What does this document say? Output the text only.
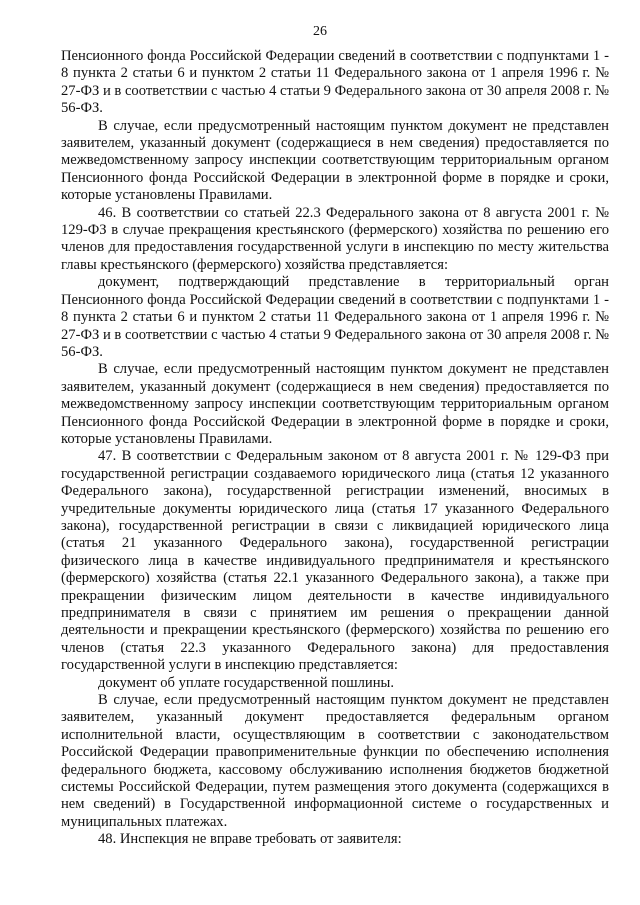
26

Пенсионного фонда Российской Федерации сведений в соответствии с подпунктами 1 - 8 пункта 2 статьи 6 и пунктом 2 статьи 11 Федерального закона от 1 апреля 1996 г. № 27-ФЗ и в соответствии с частью 4 статьи 9 Федерального закона от 30 апреля 2008 г. № 56-ФЗ.

В случае, если предусмотренный настоящим пунктом документ не представлен заявителем, указанный документ (содержащиеся в нем сведения) предоставляется по межведомственному запросу инспекции соответствующим территориальным органом Пенсионного фонда Российской Федерации в электронной форме в порядке и сроки, которые установлены Правилами.

46. В соответствии со статьей 22.3 Федерального закона от 8 августа 2001 г. № 129-ФЗ в случае прекращения крестьянского (фермерского) хозяйства по решению его членов для предоставления государственной услуги в инспекцию по месту жительства главы крестьянского (фермерского) хозяйства представляется:

документ, подтверждающий представление в территориальный орган Пенсионного фонда Российской Федерации сведений в соответствии с подпунктами 1 - 8 пункта 2 статьи 6 и пунктом 2 статьи 11 Федерального закона от 1 апреля 1996 г. № 27-ФЗ и в соответствии с частью 4 статьи 9 Федерального закона от 30 апреля 2008 г. № 56-ФЗ.

В случае, если предусмотренный настоящим пунктом документ не представлен заявителем, указанный документ (содержащиеся в нем сведения) предоставляется по межведомственному запросу инспекции соответствующим территориальным органом Пенсионного фонда Российской Федерации в электронной форме в порядке и сроки, которые установлены Правилами.

47. В соответствии с Федеральным законом от 8 августа 2001 г. № 129-ФЗ при государственной регистрации создаваемого юридического лица (статья 12 указанного Федерального закона), государственной регистрации изменений, вносимых в учредительные документы юридического лица (статья 17 указанного Федерального закона), государственной регистрации в связи с ликвидацией юридического лица (статья 21 указанного Федерального закона), государственной регистрации физического лица в качестве индивидуального предпринимателя и крестьянского (фермерского) хозяйства (статья 22.1 указанного Федерального закона), а также при прекращении физическим лицом деятельности в качестве индивидуального предпринимателя в связи с принятием им решения о прекращении данной деятельности и прекращении крестьянского (фермерского) хозяйства по решению его членов (статья 22.3 указанного Федерального закона) для предоставления государственной услуги в инспекцию представляется:

документ об уплате государственной пошлины.

В случае, если предусмотренный настоящим пунктом документ не представлен заявителем, указанный документ предоставляется федеральным органом исполнительной власти, осуществляющим в соответствии с законодательством Российской Федерации правоприменительные функции по обеспечению исполнения федерального бюджета, кассовому обслуживанию исполнения бюджетов бюджетной системы Российской Федерации, путем размещения этого документа (содержащихся в нем сведений) в Государственной информационной системе о государственных и муниципальных платежах.

48. Инспекция не вправе требовать от заявителя:
